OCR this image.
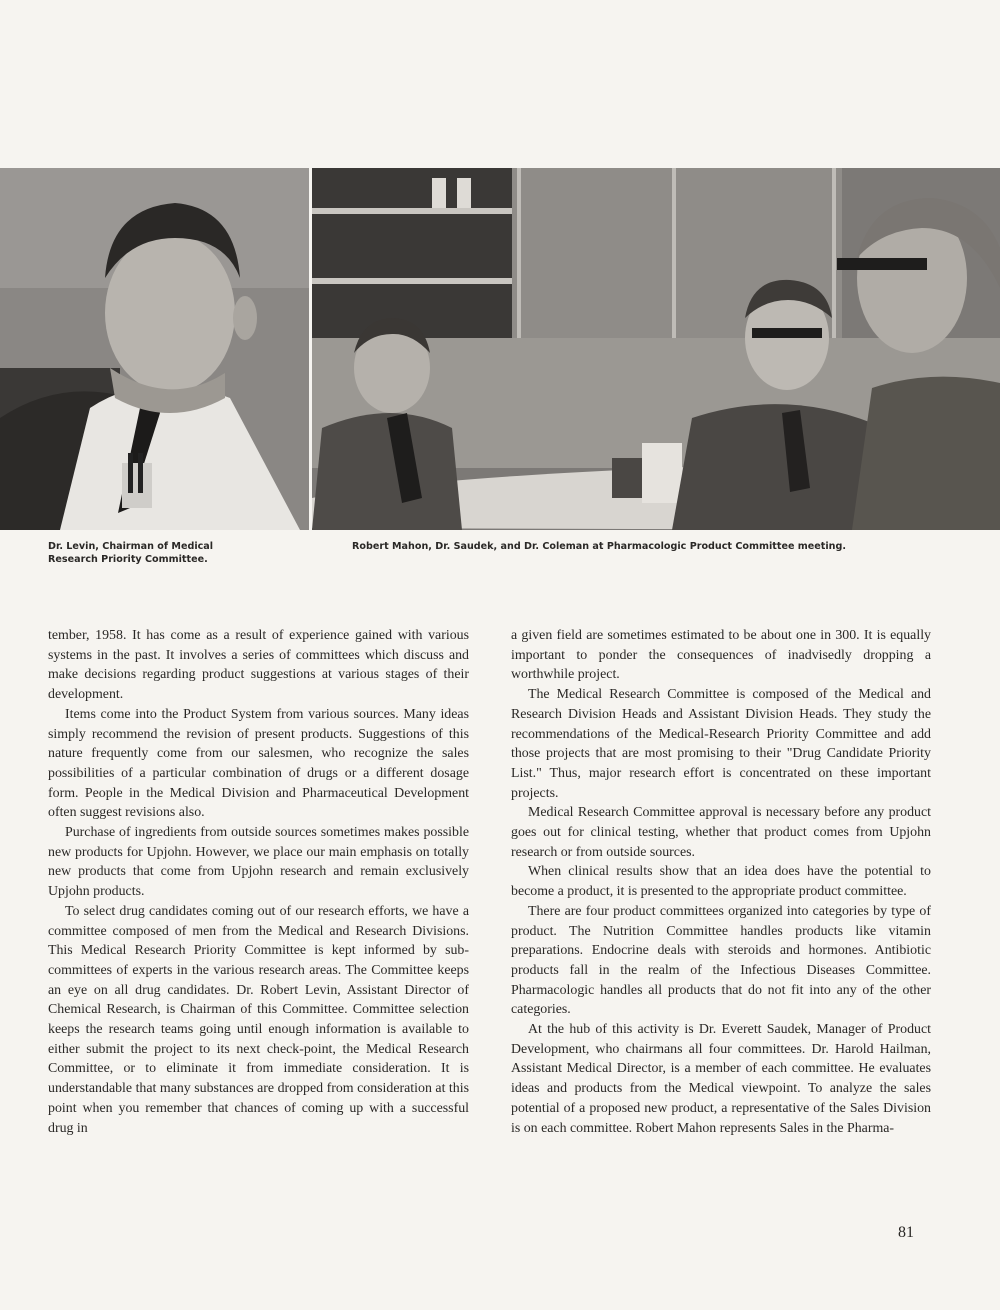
Dr. Levin, Chairman of Medical Research Priority Committee.
Robert Mahon, Dr. Saudek, and Dr. Coleman at Pharmacologic Product Committee meeting.

tember, 1958. It has come as a result of experience gained with various systems in the past. It involves a series of committees which discuss and make decisions regarding product suggestions at various stages of their development.

Items come into the Product System from various sources. Many ideas simply recommend the revision of present products. Suggestions of this nature frequently come from our salesmen, who recognize the sales possibilities of a particular combination of drugs or a different dosage form. People in the Medical Division and Pharmaceutical Development often suggest revisions also.

Purchase of ingredients from outside sources sometimes makes possible new products for Upjohn. However, we place our main emphasis on totally new products that come from Upjohn research and remain exclusively Upjohn products.

To select drug candidates coming out of our research efforts, we have a committee composed of men from the Medical and Research Divisions. This Medical Research Priority Committee is kept informed by sub-committees of experts in the various research areas. The Committee keeps an eye on all drug candidates. Dr. Robert Levin, Assistant Director of Chemical Research, is Chairman of this Committee. Committee selection keeps the research teams going until enough information is available to either submit the project to its next check-point, the Medical Research Committee, or to eliminate it from immediate consideration. It is understandable that many substances are dropped from consideration at this point when you remember that chances of coming up with a successful drug in

a given field are sometimes estimated to be about one in 300. It is equally important to ponder the consequences of inadvisedly dropping a worthwhile project.

The Medical Research Committee is composed of the Medical and Research Division Heads and Assistant Division Heads. They study the recommendations of the Medical-Research Priority Committee and add those projects that are most promising to their "Drug Candidate Priority List." Thus, major research effort is concentrated on these important projects.

Medical Research Committee approval is necessary before any product goes out for clinical testing, whether that product comes from Upjohn research or from outside sources.

When clinical results show that an idea does have the potential to become a product, it is presented to the appropriate product committee.

There are four product committees organized into categories by type of product. The Nutrition Committee handles products like vitamin preparations. Endocrine deals with steroids and hormones. Antibiotic products fall in the realm of the Infectious Diseases Committee. Pharmacologic handles all products that do not fit into any of the other categories.

At the hub of this activity is Dr. Everett Saudek, Manager of Product Development, who chairmans all four committees. Dr. Harold Hailman, Assistant Medical Director, is a member of each committee. He evaluates ideas and products from the Medical viewpoint. To analyze the sales potential of a proposed new product, a representative of the Sales Division is on each committee. Robert Mahon represents Sales in the Pharma-

81
